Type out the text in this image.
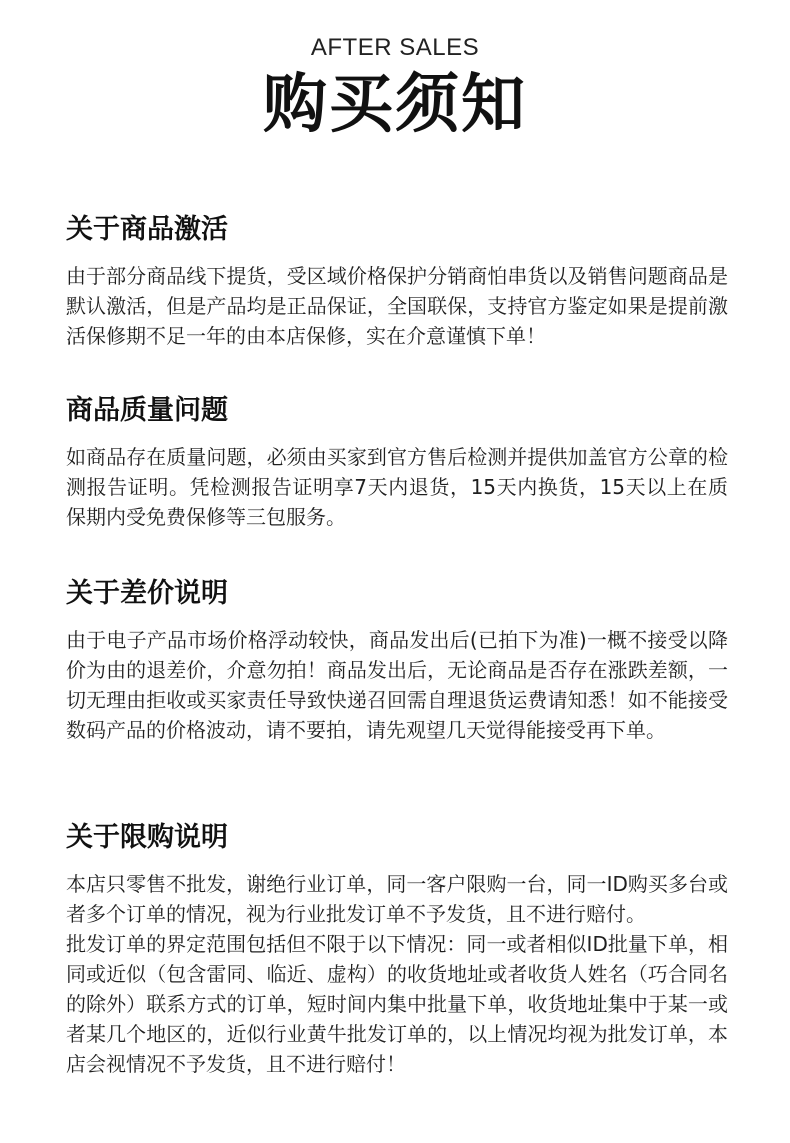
AFTER SALES
购买须知
关于商品激活

由于部分商品线下提货，受区域价格保护分销商怕串货以及销售问题商品是默认激活，但是产品均是正品保证，全国联保，支持官方鉴定如果是提前激活保修期不足一年的由本店保修，实在介意谨慎下单！

商品质量问题

如商品存在质量问题，必须由买家到官方售后检测并提供加盖官方公章的检测报告证明。凭检测报告证明享7天内退货，15天内换货，15天以上在质保期内受免费保修等三包服务。

关于差价说明

由于电子产品市场价格浮动较快，商品发出后(已拍下为准)一概不接受以降价为由的退差价，介意勿拍！商品发出后，无论商品是否存在涨跌差额，一切无理由拒收或买家责任导致快递召回需自理退货运费请知悉！如不能接受数码产品的价格波动，请不要拍，请先观望几天觉得能接受再下单。

关于限购说明

本店只零售不批发，谢绝行业订单，同一客户限购一台，同一ID购买多台或者多个订单的情况，视为行业批发订单不予发货，且不进行赔付。

批发订单的界定范围包括但不限于以下情况：同一或者相似ID批量下单，相同或近似（包含雷同、临近、虚构）的收货地址或者收货人姓名（巧合同名的除外）联系方式的订单，短时间内集中批量下单，收货地址集中于某一或者某几个地区的，近似行业黄牛批发订单的，以上情况均视为批发订单，本店会视情况不予发货，且不进行赔付！
